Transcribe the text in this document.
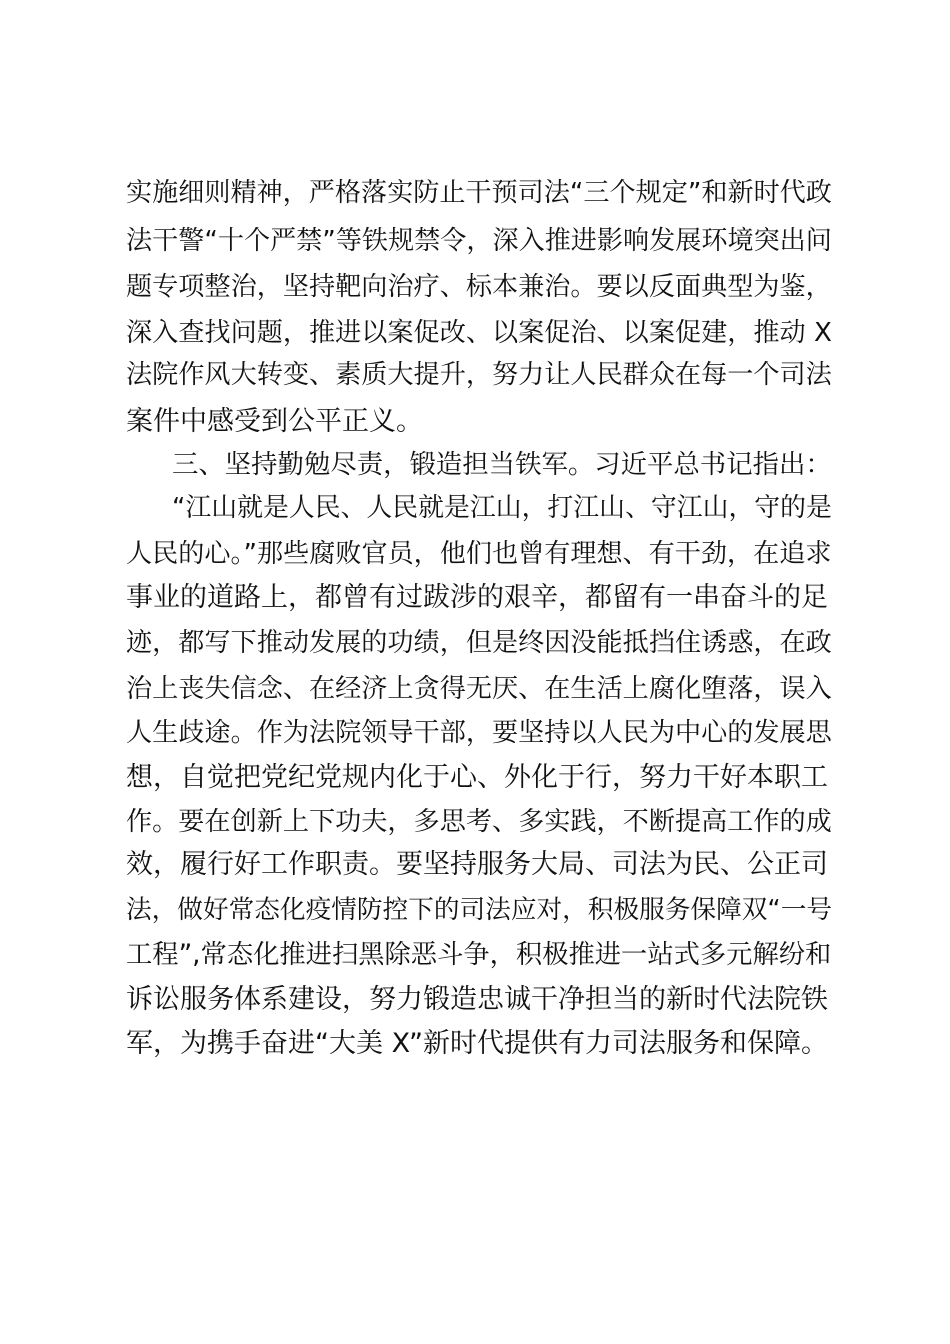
实施细则精神，严格落实防止干预司法“三个规定”和新时代政
法干警“十个严禁”等铁规禁令，深入推进影响发展环境突出问
题专项整治，坚持靶向治疗、标本兼治。要以反面典型为鉴，
深入查找问题，推进以案促改、以案促治、以案促建，推动 X
法院作风大转变、素质大提升，努力让人民群众在每一个司法
案件中感受到公平正义。
三、坚持勤勉尽责，锻造担当铁军。习近平总书记指出：
“江山就是人民、人民就是江山，打江山、守江山，守的是
人民的心。”那些腐败官员，他们也曾有理想、有干劲，在追求
事业的道路上，都曾有过跋涉的艰辛，都留有一串奋斗的足
迹，都写下推动发展的功绩，但是终因没能抵挡住诱惑，在政
治上丧失信念、在经济上贪得无厌、在生活上腐化堕落，误入
人生歧途。作为法院领导干部，要坚持以人民为中心的发展思
想，自觉把党纪党规内化于心、外化于行，努力干好本职工
作。要在创新上下功夫，多思考、多实践，不断提高工作的成
效，履行好工作职责。要坚持服务大局、司法为民、公正司
法，做好常态化疫情防控下的司法应对，积极服务保障双“一号
工程”,常态化推进扫黑除恶斗争，积极推进一站式多元解纷和
诉讼服务体系建设，努力锻造忠诚干净担当的新时代法院铁
军，为携手奋进“大美 X”新时代提供有力司法服务和保障。
